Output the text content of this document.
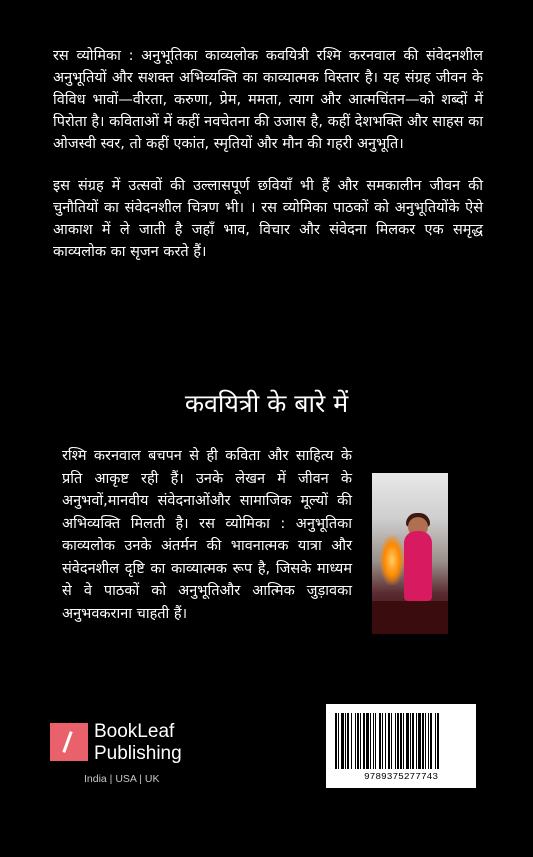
रस व्योमिका : अनुभूतिका काव्यलोक कवयित्री रश्मि करनवाल की संवेदनशील अनुभूतियों और सशक्त अभिव्यक्ति का काव्यात्मक विस्तार है। यह संग्रह जीवन के विविध भावों—वीरता, करुणा, प्रेम, ममता, त्याग और आत्मचिंतन—को शब्दों में पिरोता है। कविताओं में कहीं नवचेतना की उजास है, कहीं देशभक्ति और साहस का ओजस्वी स्वर, तो कहीं एकांत, स्मृतियों और मौन की गहरी अनुभूति।

इस संग्रह में उत्सवों की उल्लासपूर्ण छवियाँ भी हैं और समकालीन जीवन की चुनौतियों का संवेदनशील चित्रण भी। । रस व्योमिका पाठकों को अनुभूतियोंके ऐसे आकाश में ले जाती है जहाँ भाव, विचार और संवेदना मिलकर एक समृद्ध काव्यलोक का सृजन करते हैं।

कवयित्री के बारे में
रश्मि करनवाल बचपन से ही कविता और साहित्य के प्रति आकृष्ट रही हैं। उनके लेखन में जीवन के अनुभवों,मानवीय संवेदनाओंऔर सामाजिक मूल्यों की अभिव्यक्ति मिलती है। रस व्योमिका : अनुभूतिका काव्यलोक उनके अंतर्मन की भावनात्मक यात्रा और संवेदनशील दृष्टि का काव्यात्मक रूप है, जिसके माध्यम से वे पाठकों को अनुभूतिऔर आत्मिक जुड़ावका अनुभवकराना चाहती हैं।
BookLeaf
Publishing
India | USA | UK	9789375277743
